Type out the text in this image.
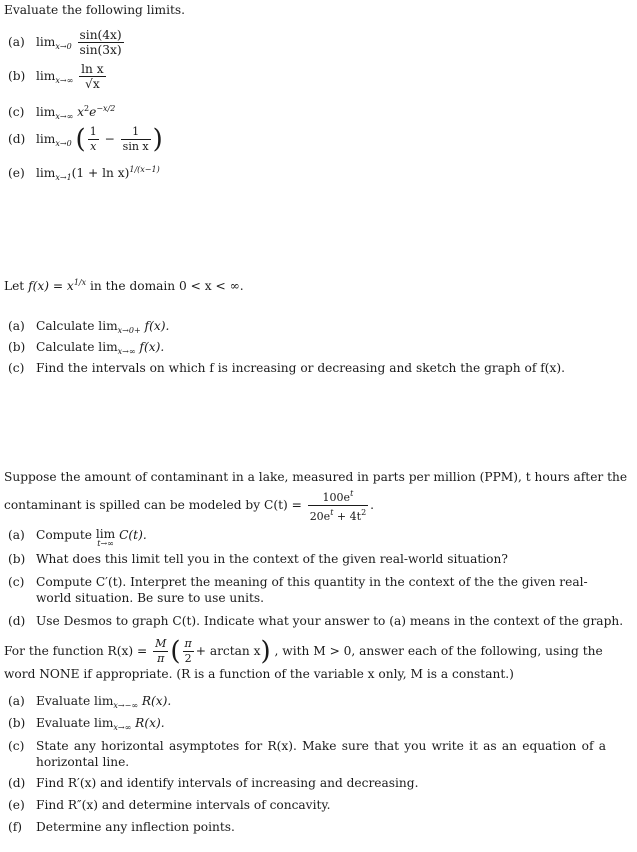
Evaluate the following limits.
(a) $\lim_{x\to 0} \frac{\sin(4x)}{\sin(3x)}$
(b) $\lim_{x\to\infty} \frac{\text{ln x}}{√x}$
(c) $\lim_{x\to\infty} x^2e^{-x/2}$
(d) $\lim_{x\to 0}$ ( $\frac{1}{x} - \frac{1}{\text{sin x}}$ )
(e) $\lim_{x\to 1}(1 + \ln x)^{1/(x-1)}$
Let $f(x) = x^{1/x}$ in the domain 0 < x < ∞.
(a) Calculate $\lim_{x\to 0+} f(x)$.
(b) Calculate $\lim_{x\to\infty} f(x)$.
(c) Find the intervals on which f is increasing or decreasing and sketch the graph of f(x).
Suppose the amount of contaminant in a lake, measured in parts per million (PPM), t hours after the
contaminant is spilled can be modeled by $C(t) = \frac{100e^t}{20e^t + 4t^2}$ .
(a) Compute lim
t→∞
C(t).
(b) What does this limit tell you in the context of the given real-world situation?
(c) Compute C′(t). Interpret the meaning of this quantity in the context of the the given real-world situation. Be sure to use units.
(d) Use Desmos to graph C(t). Indicate what your answer to (a) means in the context of the graph.
For the function $R(x) = \frac{M}{\pi}$ ( $\frac{\pi}{2} + \arctan x$) , with M > 0, answer each of the following, using the
word NONE if appropriate. (R is a function of the variable x only, M is a constant.)
(a) Evaluate $\lim_{x\to-\infty} R(x)$.
(b) Evaluate $\lim_{x\to\infty} R(x)$.
(c) State any horizontal asymptotes for R(x). Make sure that you write it as an equation of a horizontal line.
(d) Find R′(x) and identify intervals of increasing and decreasing.
(e) Find R″(x) and determine intervals of concavity.
(f) Determine any inflection points.
